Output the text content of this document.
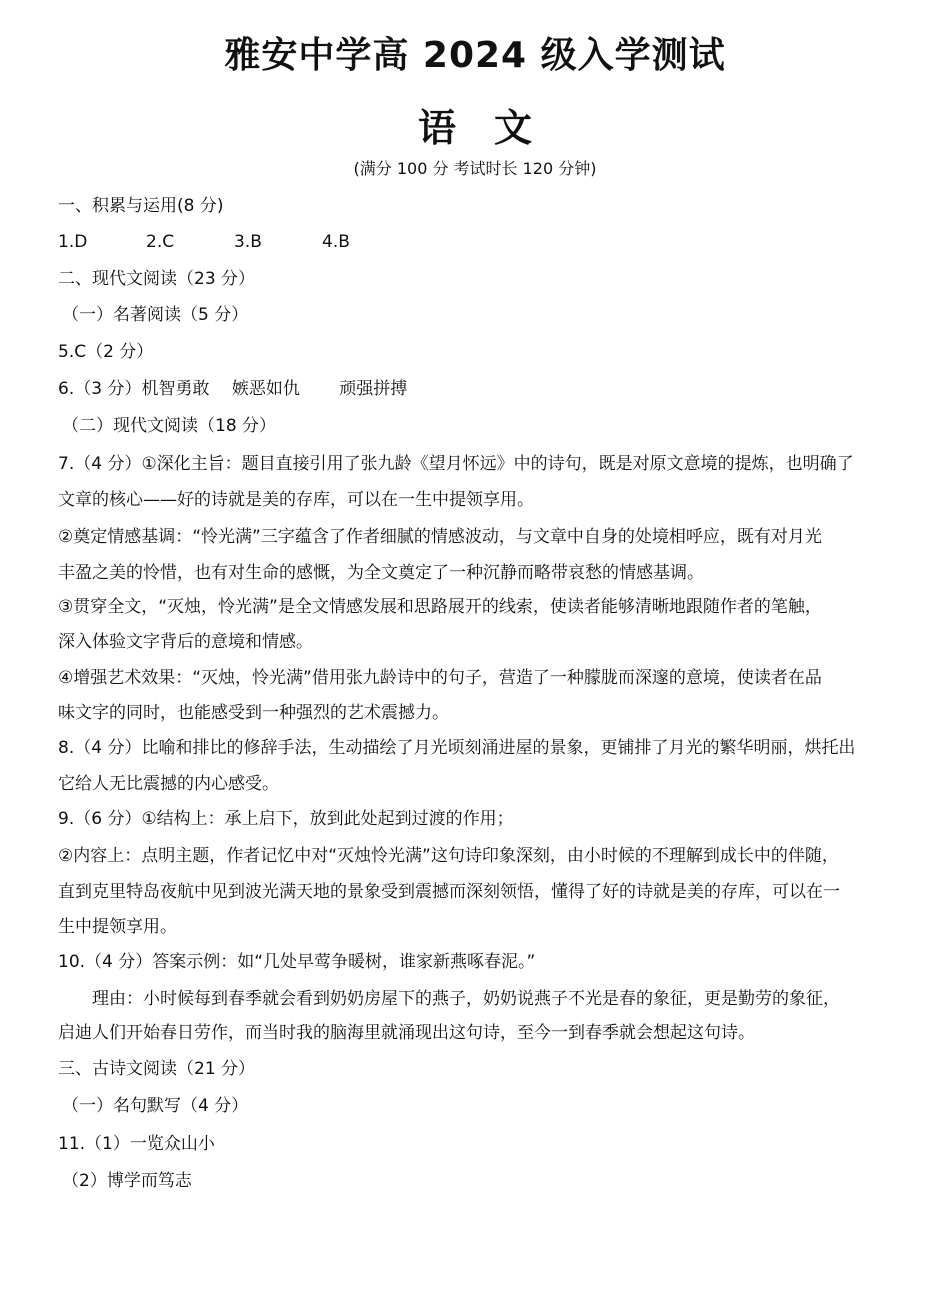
雅安中学高 2024 级入学测试
语　文
(满分 100 分 考试时长 120 分钟)
一、积累与运用(8 分)
1.D	2.C	3.B	4.B
二、现代文阅读（23 分）
（一）名著阅读（5 分）
5.C（2 分）
6.（3 分）机智勇敢　 嫉恶如仇　　 顽强拼搏
（二）现代文阅读（18 分）
7.（4 分）①深化主旨：题目直接引用了张九龄《望月怀远》中的诗句，既是对原文意境的提炼，也明确了
文章的核心——好的诗就是美的存库，可以在一生中提领享用。
②奠定情感基调：“怜光满”三字蕴含了作者细腻的情感波动，与文章中自身的处境相呼应，既有对月光
丰盈之美的怜惜，也有对生命的感慨，为全文奠定了一种沉静而略带哀愁的情感基调。
③贯穿全文，“灭烛，怜光满”是全文情感发展和思路展开的线索，使读者能够清晰地跟随作者的笔触，
深入体验文字背后的意境和情感。
④增强艺术效果：“灭烛，怜光满”借用张九龄诗中的句子，营造了一种朦胧而深邃的意境，使读者在品
味文字的同时，也能感受到一种强烈的艺术震撼力。
8.（4 分）比喻和排比的修辞手法，生动描绘了月光顷刻涌进屋的景象，更铺排了月光的繁华明丽，烘托出
它给人无比震撼的内心感受。
9.（6 分）①结构上：承上启下，放到此处起到过渡的作用；
②内容上：点明主题，作者记忆中对“灭烛怜光满”这句诗印象深刻，由小时候的不理解到成长中的伴随，
直到克里特岛夜航中见到波光满天地的景象受到震撼而深刻领悟，懂得了好的诗就是美的存库，可以在一
生中提领享用。
10.（4 分）答案示例：如“几处早莺争暖树，谁家新燕啄春泥。”
理由：小时候每到春季就会看到奶奶房屋下的燕子，奶奶说燕子不光是春的象征，更是勤劳的象征，
启迪人们开始春日劳作，而当时我的脑海里就涌现出这句诗，至今一到春季就会想起这句诗。
三、古诗文阅读（21 分）
（一）名句默写（4 分）
11.（1）一览众山小
（2）博学而笃志
